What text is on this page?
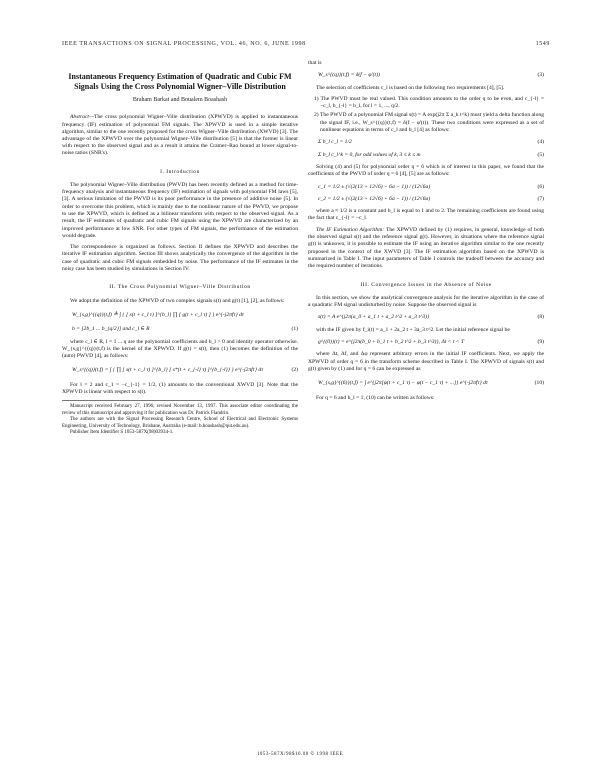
IEEE TRANSACTIONS ON SIGNAL PROCESSING, VOL. 46, NO. 6, JUNE 1998	1549
Instantaneous Frequency Estimation of Quadratic and Cubic FM Signals Using the Cross Polynomial Wigner–Ville Distribution
Braham Barkat and Boualem Boashash

Abstract—The cross polynomial Wigner–Ville distribution (XPWVD) is applied to instantaneous frequency (IF) estimation of polynomial FM signals. The XPWVD is used in a simple iterative algorithm, similar to the one recently proposed for the cross Wigner–Ville distribution (XWVD) [3]. The advantage of the XPWVD over the polynomial Wigner–Ville distribution [5] is that the former is linear with respect to the observed signal and as a result it attains the Cramer–Rao bound at lower signal-to-noise ratios (SNR's).

I. Introduction

The polynomial Wigner–Ville distribution (PWVD) has been recently defined as a method for time-frequency analysis and instantaneous frequency (IF) estimation of signals with polynomial FM laws [5], [3]. A serious limitation of the PWVD is its poor performance in the presence of additive noise [5]. In order to overcome this problem, which is mainly due to the nonlinear nature of the PWVD, we propose to use the XPWVD, which is defined as a bilinear transform with respect to the observed signal. As a result, the IF estimates of quadratic and cubic FM signals using the XPWVD are characterized by an improved performance at low SNR. For other types of FM signals, the performance of the estimation would degrade.

The correspondence is organized as follows. Section II defines the XPWVD and describes the iterative IF estimation algorithm. Section III shows analytically the convergence of the algorithm in the case of quadratic and cubic FM signals embedded by noise. The performance of the IF estimates in the noisy case has been studied by simulations in Section IV.

II. The Cross Polynomial Wigner–Ville Distribution

We adopt the definition of the XPWVD of two complex signals s(t) and g(t) [1], [2], as follows:

W_{s,g}^{(q)}(t,f) ≜ ∫ { [ s(t + c_l τ) ]^{b_l} ∏ [ g(t + c_l τ) ] } e^{-j2πfτ} dτ
b = [2b_1 ... b_{q/2}] and c_l ∈ R	(1)

where c_l ∈ R, l = 1 ... q are the polynomial coefficients and b_l > 0 and identity operator otherwise. W_{s,g}^{(q)}(t,f) is the kernel of the XPWVD. If g(t) = s(t), then (1) becomes the definition of the (auto) PWVD [4], as follows:

W_s^{(q)}(t,f) = ∫ { ∏ [ s(t + c_l τ) ]^{b_l} [ s*(t + c_{-l} τ) ]^{b_{-l}} } e^{-j2πfτ} dτ	(2)

For l = 2 and c_1 = −c_{-1} = 1/2, (1) amounts to the conventional XWVD [3]. Note that the XPWVD is linear with respect to s(t).

Manuscript received February 27, 1996; revised November 13, 1997. This associate editor coordinating the review of this manuscript and approving it for publication was Dr. Patrick Flandrin.
The authors are with the Signal Processing Research Centre, School of Electrical and Electronic Systems Engineering, University of Technology, Brisbane, Australia (e-mail: b.boashash@qut.edu.au).
Publisher Item Identifier S 1053-587X(98)03934-1.

that is

W_s^{(q)}(t,f) = δ(f − φ'(t))	(3)

The selection of coefficients c_l is based on the following two requirements [4], [5].

1) The PWVD must be real valued. This condition amounts to the order q to be even, and c_{-l} = −c_l, b_{-l} = b_l, for l = 1, ..., q/2.
2) The PWVD of a polynomial FM signal s(t) = A exp(j2π Σ a_k t^k) must yield a delta function along the signal IF, i.e., W_s^{(q)}(t,f) = δ(f − φ'(t)). These two conditions were expressed as a set of nonlinear equations in terms of c_l and b_l [4] as follows:
Σ b_l c_l = 1/2	(4)
Σ b_l c_l^k = 0, for odd values of k, 3 ≤ k ≤ m	(5)

Solving (4) and (5) for polynomial order q = 6 which is of interest in this paper, we found that the coefficients of the PWVD of order q = 6 [4], [5] are as follows:

c_1 = 1/2 ± (√(2(13 + 12√6) − 6a − 1)) / (12√6a)	(6)
c_2 = 1/2 ± (√(2(13 + 12√6) + 6a − 1)) / (12√6a)	(7)

where a ≈ 1/2 is a constant and b_l is equal to 1 and to 2. The remaining coefficients are found using the fact that c_{-l} = −c_l.

The IF Estimation Algorithm: The XPWVD defined by (1) requires, in general, knowledge of both the observed signal s(t) and the reference signal g(t). However, in situations where the reference signal g(t) is unknown, it is possible to estimate the IF using an iterative algorithm similar to the one recently proposed in the context of the XWVD [3]. The IF estimation algorithm based on the XPWVD is summarized in Table I. The input parameters of Table I controls the tradeoff between the accuracy and the required number of iterations.

III. Convergence Issues in the Absence of Noise

In this section, we show the analytical convergence analysis for the iterative algorithm in the case of a quadratic FM signal undisturbed by noise. Suppose the observed signal is

s(t) = A e^{j2π(a_0 + a_1 t + a_2 t^2 + a_3 t^3)}	(8)

with the IF given by f_i(t) = a_1 + 2a_2 t + 3a_3 t^2. Let the initial reference signal be

g^{(0)}(t) = e^{j2π(b_0 + b_1 t + b_2 t^2 + b_3 t^3)}, Δt < t < T	(9)

where Δt, Δf, and Δφ represent arbitrary errors in the initial IF coefficients. Next, we apply the XPWVD of order q = 6 in the transform scheme described in Table I. The XPWVD of signals s(t) and g(t) given by (1) and for q = 6 can be expressed as

W_{s,g}^{(6)}(t,f) = ∫ e^{j2π[φ(t + c_1 τ) − φ(t − c_1 τ) + ...]} e^{-j2πfτ} dτ	(10)

For q = 6 and b_l = 1, (10) can be written as follows:

1053-587X/98$10.00 © 1998 IEEE
